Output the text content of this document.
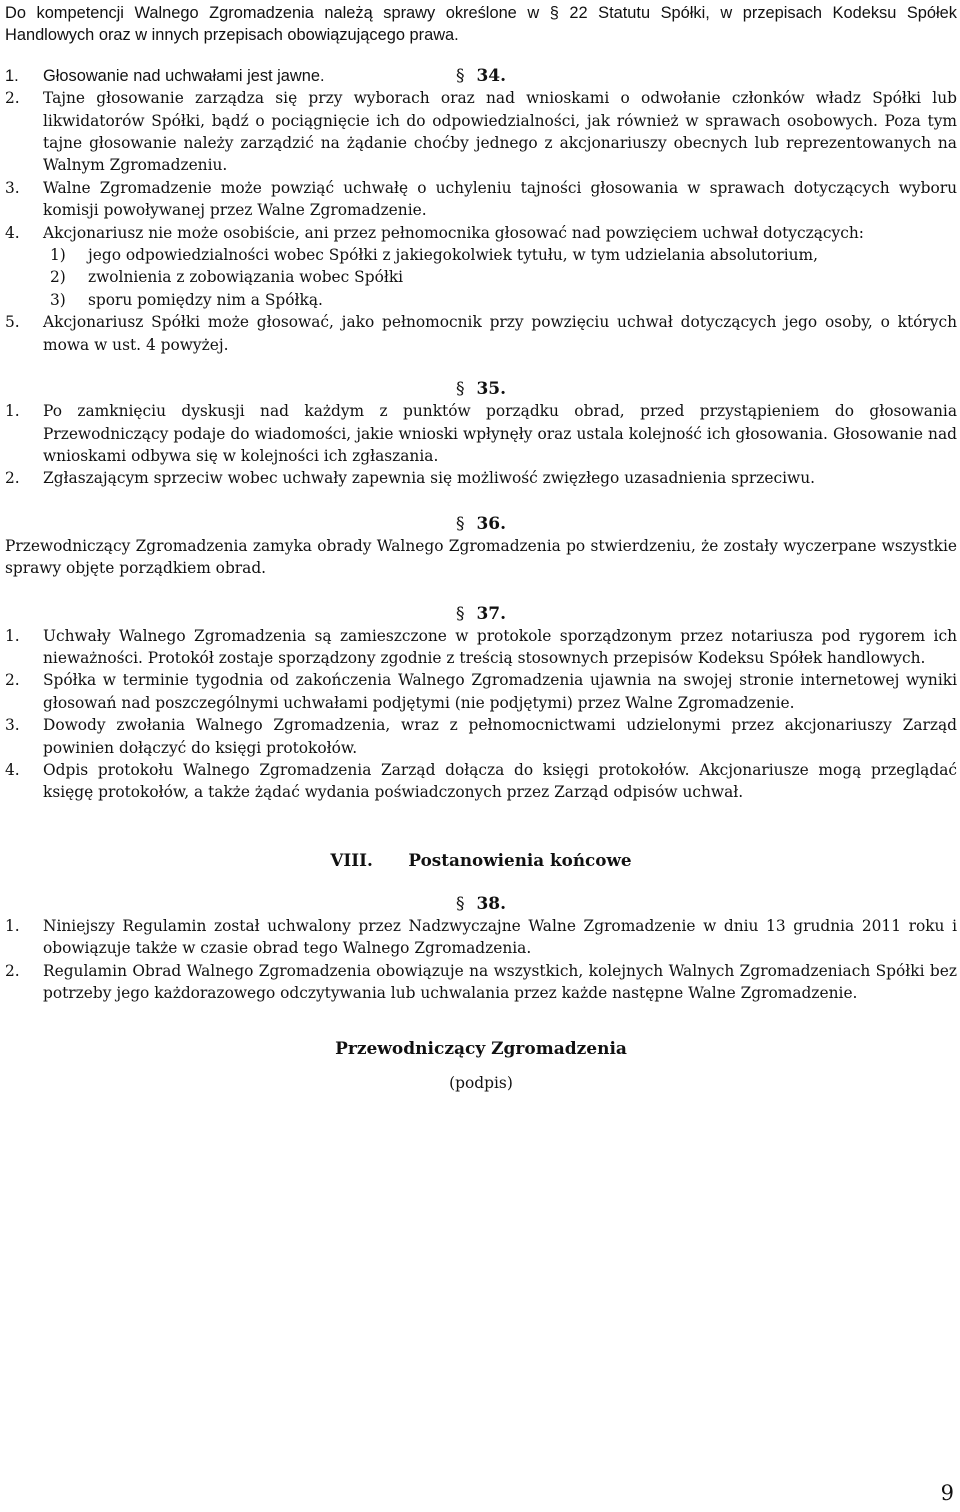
Do kompetencji Walnego Zgromadzenia należą sprawy określone w § 22 Statutu Spółki, w przepisach Kodeksu Spółek Handlowych oraz w innych przepisach obowiązującego prawa.

§ 34.
1.	Głosowanie nad uchwałami jest jawne.
2.	Tajne głosowanie zarządza się przy wyborach oraz nad wnioskami o odwołanie członków władz Spółki lub likwidatorów Spółki, bądź o pociągnięcie ich do odpowiedzialności, jak również w sprawach osobowych. Poza tym tajne głosowanie należy zarządzić na żądanie choćby jednego z akcjonariuszy obecnych lub reprezentowanych na Walnym Zgromadzeniu.
3.	Walne Zgromadzenie może powziąć uchwałę o uchyleniu tajności głosowania w sprawach dotyczących wyboru komisji powoływanej przez Walne Zgromadzenie.
4.	Akcjonariusz nie może osobiście, ani przez pełnomocnika głosować nad powzięciem uchwał dotyczących:
1)	jego odpowiedzialności wobec Spółki z jakiegokolwiek tytułu, w tym udzielania absolutorium,
2)	zwolnienia z zobowiązania wobec Spółki
3)	sporu pomiędzy nim a Spółką.
5.	Akcjonariusz Spółki może głosować, jako pełnomocnik przy powzięciu uchwał dotyczących jego osoby, o których mowa w ust. 4 powyżej.
§ 35.
1.	Po zamknięciu dyskusji nad każdym z punktów porządku obrad, przed przystąpieniem do głosowania Przewodniczący podaje do wiadomości, jakie wnioski wpłynęły oraz ustala kolejność ich głosowania. Głosowanie nad wnioskami odbywa się w kolejności ich zgłaszania.
2.	Zgłaszającym sprzeciw wobec uchwały zapewnia się możliwość zwięzłego uzasadnienia sprzeciwu.
§ 36.

Przewodniczący Zgromadzenia zamyka obrady Walnego Zgromadzenia po stwierdzeniu, że zostały wyczerpane wszystkie sprawy objęte porządkiem obrad.

§ 37.
1.	Uchwały Walnego Zgromadzenia są zamieszczone w protokole sporządzonym przez notariusza pod rygorem ich nieważności. Protokół zostaje sporządzony zgodnie z treścią stosownych przepisów Kodeksu Spółek handlowych.
2.	Spółka w terminie tygodnia od zakończenia Walnego Zgromadzenia ujawnia na swojej stronie internetowej wyniki głosowań nad poszczególnymi uchwałami podjętymi (nie podjętymi) przez Walne Zgromadzenie.
3.	Dowody zwołania Walnego Zgromadzenia, wraz z pełnomocnictwami udzielonymi przez akcjonariuszy Zarząd powinien dołączyć do księgi protokołów.
4.	Odpis protokołu Walnego Zgromadzenia Zarząd dołącza do księgi protokołów. Akcjonariusze mogą przeglądać księgę protokołów, a także żądać wydania poświadczonych przez Zarząd odpisów uchwał.
VIII. Postanowienia końcowe
§ 38.
1.	Niniejszy Regulamin został uchwalony przez Nadzwyczajne Walne Zgromadzenie w dniu 13 grudnia 2011 roku i obowiązuje także w czasie obrad tego Walnego Zgromadzenia.
2.	Regulamin Obrad Walnego Zgromadzenia obowiązuje na wszystkich, kolejnych Walnych Zgromadzeniach Spółki bez potrzeby jego każdorazowego odczytywania lub uchwalania przez każde następne Walne Zgromadzenie.
Przewodniczący Zgromadzenia
(podpis)
9
